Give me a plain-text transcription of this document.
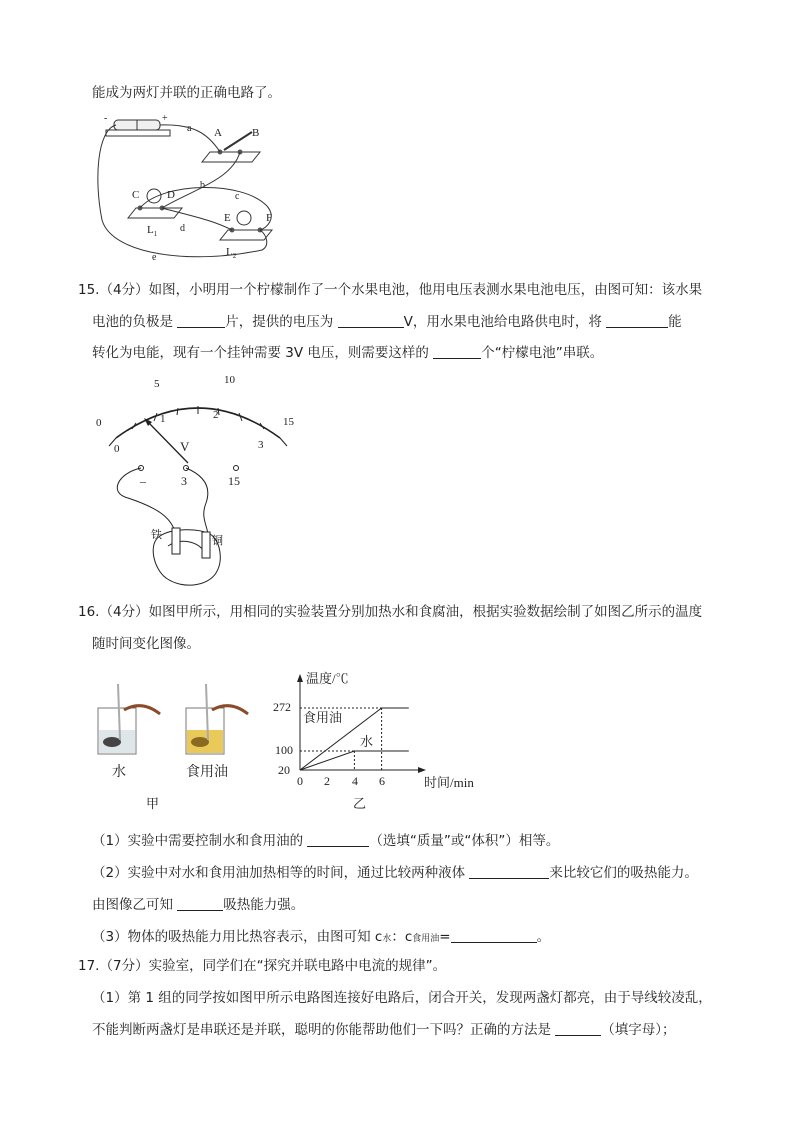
能成为两灯并联的正确电路了。
-	+
a A	B
C	D
$L_1$ d
E	F
$L_2$
e
b
c
15.（4分）如图，小明用一个柠檬制作了一个水果电池，他用电压表测水果电池电压，由图可知：该水果
电池的负极是	片，提供的电压为	V，用水果电池给电路供电时，将	能
转化为电能，现有一个挂钟需要 3V 电压，则需要这样的	个“柠檬电池”串联。
0
5	10
15
0
1	2
3
V
–	3	15
铁	铜
16.（4分）如图甲所示，用相同的实验装置分别加热水和食腐油，根据实验数据绘制了如图乙所示的温度
随时间变化图像。
水	食用油
甲
温度/℃
时间/min
20
100
272
0 2 4 6
食用油
水
乙
（1）实验中需要控制水和食用油的	（选填“质量”或“体积”）相等。
（2）实验中对水和食用油加热相等的时间，通过比较两种液体	来比较它们的吸热能力。
由图像乙可知	吸热能力强。
（3）物体的吸热能力用比热容表示，由图可知 c水：c食用油=	。
17.（7分）实验室，同学们在“探究并联电路中电流的规律”。
（1）第 1 组的同学按如图甲所示电路图连接好电路后，闭合开关，发现两盏灯都亮，由于导线较凌乱，
不能判断两盏灯是串联还是并联，聪明的你能帮助他们一下吗？正确的方法是	（填字母）；
